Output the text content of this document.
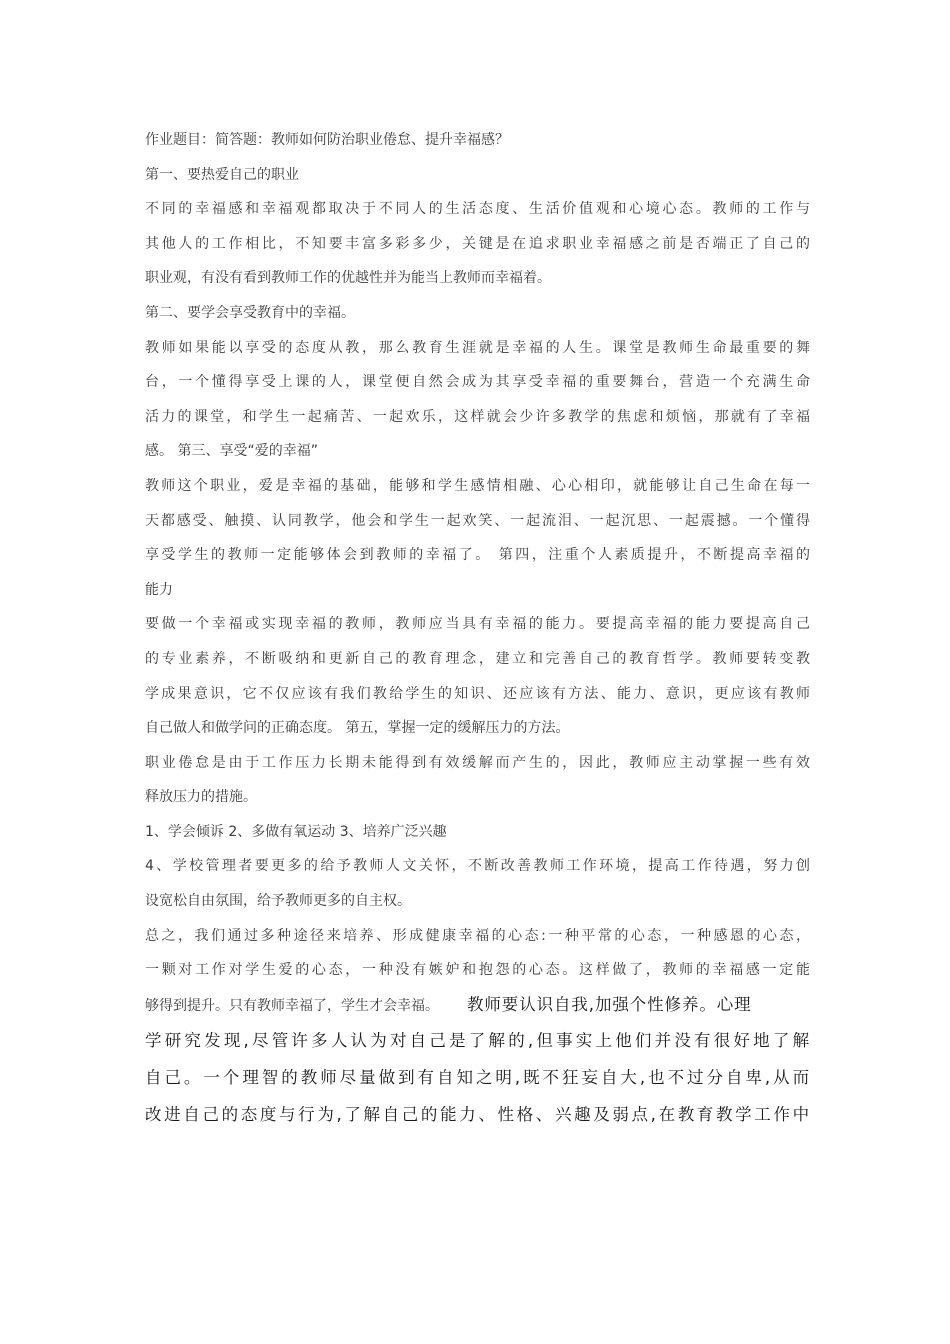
作业题目：简答题：教师如何防治职业倦怠、提升幸福感？
第一、要热爱自己的职业
不同的幸福感和幸福观都取决于不同人的生活态度、生活价值观和心境心态。教师的工作与
其他人的工作相比，不知要丰富多彩多少，关键是在追求职业幸福感之前是否端正了自己的
职业观，有没有看到教师工作的优越性并为能当上教师而幸福着。
第二、要学会享受教育中的幸福。
教师如果能以享受的态度从教，那么教育生涯就是幸福的人生。课堂是教师生命最重要的舞
台，一个懂得享受上课的人，课堂便自然会成为其享受幸福的重要舞台，营造一个充满生命
活力的课堂，和学生一起痛苦、一起欢乐，这样就会少许多教学的焦虑和烦恼，那就有了幸福
感。 第三、享受“爱的幸福”
教师这个职业，爱是幸福的基础，能够和学生感情相融、心心相印，就能够让自己生命在每一
天都感受、触摸、认同教学，他会和学生一起欢笑、一起流泪、一起沉思、一起震撼。一个懂得
享受学生的教师一定能够体会到教师的幸福了。 第四，注重个人素质提升，不断提高幸福的
能力
要做一个幸福或实现幸福的教师，教师应当具有幸福的能力。要提高幸福的能力要提高自己
的专业素养，不断吸纳和更新自己的教育理念，建立和完善自己的教育哲学。教师要转变教
学成果意识，它不仅应该有我们教给学生的知识、还应该有方法、能力、意识，更应该有教师
自己做人和做学问的正确态度。 第五，掌握一定的缓解压力的方法。
职业倦怠是由于工作压力长期未能得到有效缓解而产生的，因此，教师应主动掌握一些有效
释放压力的措施。
1、学会倾诉 2、多做有氧运动 3、培养广泛兴趣
4、学校管理者要更多的给予教师人文关怀，不断改善教师工作环境，提高工作待遇，努力创
设宽松自由氛围，给予教师更多的自主权。
总之，我们通过多种途径来培养、形成健康幸福的心态:一种平常的心态，一种感恩的心态，
一颗对工作对学生爱的心态，一种没有嫉妒和抱怨的心态。这样做了，教师的幸福感一定能
够得到提升。只有教师幸福了，学生才会幸福。 教师要认识自我,加强个性修养。心理
学研究发现,尽管许多人认为对自己是了解的,但事实上他们并没有很好地了解
自己。一个理智的教师尽量做到有自知之明,既不狂妄自大,也不过分自卑,从而
改进自己的态度与行为,了解自己的能力、性格、兴趣及弱点,在教育教学工作中
